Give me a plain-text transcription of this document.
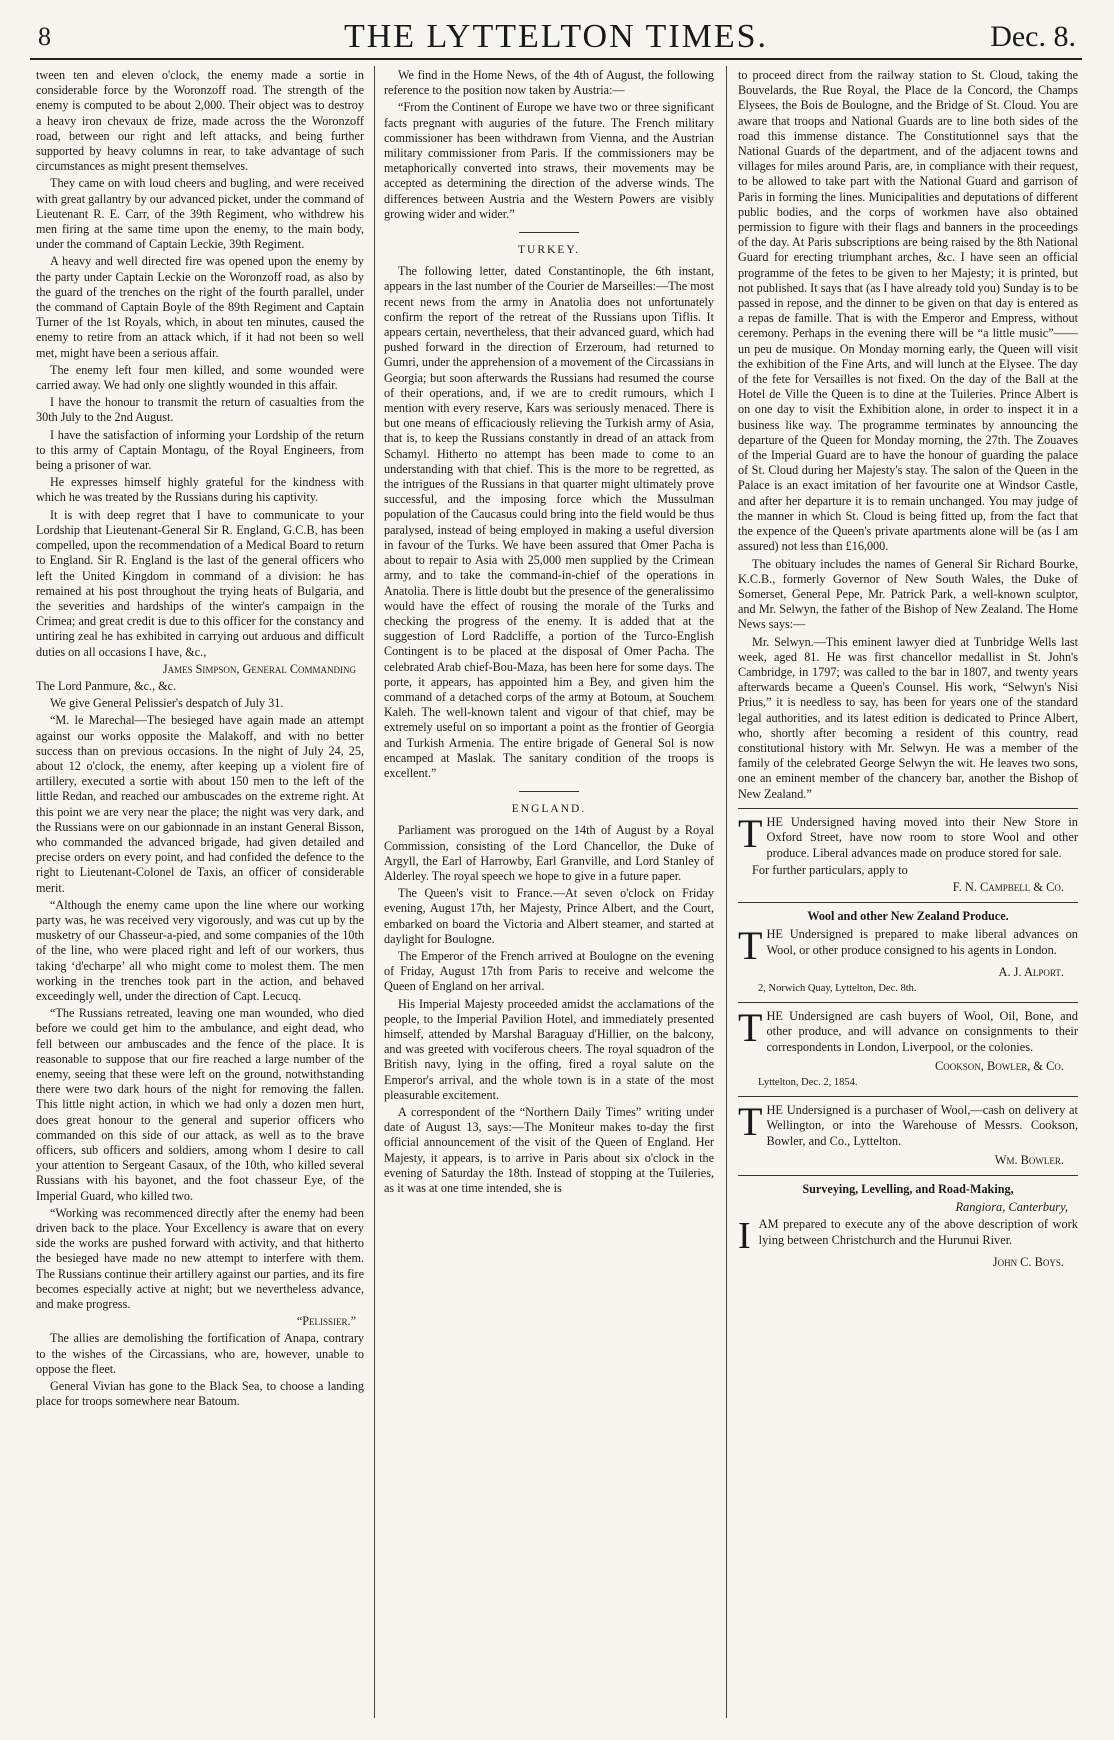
8	THE LYTTELTON TIMES.	Dec. 8.

tween ten and eleven o'clock, the enemy made a sortie in considerable force by the Woronzoff road. The strength of the enemy is computed to be about 2,000. Their object was to destroy a heavy iron chevaux de frize, made across the the Woronzoff road, between our right and left attacks, and being further supported by heavy columns in rear, to take advantage of such circumstances as might present themselves.

They came on with loud cheers and bugling, and were received with great gallantry by our advanced picket, under the command of Lieutenant R. E. Carr, of the 39th Regiment, who withdrew his men firing at the same time upon the enemy, to the main body, under the command of Captain Leckie, 39th Regiment.

A heavy and well directed fire was opened upon the enemy by the party under Captain Leckie on the Woronzoff road, as also by the guard of the trenches on the right of the fourth parallel, under the command of Captain Boyle of the 89th Regiment and Captain Turner of the 1st Royals, which, in about ten minutes, caused the enemy to retire from an attack which, if it had not been so well met, might have been a serious affair.

The enemy left four men killed, and some wounded were carried away. We had only one slightly wounded in this affair.

I have the honour to transmit the return of casualties from the 30th July to the 2nd August.

I have the satisfaction of informing your Lordship of the return to this army of Captain Montagu, of the Royal Engineers, from being a prisoner of war.

He expresses himself highly grateful for the kindness with which he was treated by the Russians during his captivity.

It is with deep regret that I have to communicate to your Lordship that Lieutenant-General Sir R. England, G.C.B, has been compelled, upon the recommendation of a Medical Board to return to England. Sir R. England is the last of the general officers who left the United Kingdom in command of a division: he has remained at his post throughout the trying heats of Bulgaria, and the severities and hardships of the winter's campaign in the Crimea; and great credit is due to this officer for the constancy and untiring zeal he has exhibited in carrying out arduous and difficult duties on all occasions I have, &c.,

James Simpson, General Commanding

The Lord Panmure, &c., &c.

We give General Pelissier's despatch of July 31.

“M. le Marechal—The besieged have again made an attempt against our works opposite the Malakoff, and with no better success than on previous occasions. In the night of July 24, 25, about 12 o'clock, the enemy, after keeping up a violent fire of artillery, executed a sortie with about 150 men to the left of the little Redan, and reached our ambuscades on the extreme right. At this point we are very near the place; the night was very dark, and the Russians were on our gabionnade in an instant General Bisson, who commanded the advanced brigade, had given detailed and precise orders on every point, and had confided the defence to the right to Lieutenant-Colonel de Taxis, an officer of considerable merit.

“Although the enemy came upon the line where our working party was, he was received very vigorously, and was cut up by the musketry of our Chasseur-a-pied, and some companies of the 10th of the line, who were placed right and left of our workers, thus taking ‘d'echarpe’ all who might come to molest them. The men working in the trenches took part in the action, and behaved exceedingly well, under the direction of Capt. Lecucq.

“The Russians retreated, leaving one man wounded, who died before we could get him to the ambulance, and eight dead, who fell between our ambuscades and the fence of the place. It is reasonable to suppose that our fire reached a large number of the enemy, seeing that these were left on the ground, notwithstanding there were two dark hours of the night for removing the fallen. This little night action, in which we had only a dozen men hurt, does great honour to the general and superior officers who commanded on this side of our attack, as well as to the brave officers, sub officers and soldiers, among whom I desire to call your attention to Sergeant Casaux, of the 10th, who killed several Russians with his bayonet, and the foot chasseur Eye, of the Imperial Guard, who killed two.

“Working was recommenced directly after the enemy had been driven back to the place. Your Excellency is aware that on every side the works are pushed forward with activity, and that hitherto the besieged have made no new attempt to interfere with them. The Russians continue their artillery against our parties, and its fire becomes especially active at night; but we nevertheless advance, and make progress.

“Pelissier.”

The allies are demolishing the fortification of Anapa, contrary to the wishes of the Circassians, who are, however, unable to oppose the fleet.

General Vivian has gone to the Black Sea, to choose a landing place for troops somewhere near Batoum.

We find in the Home News, of the 4th of August, the following reference to the position now taken by Austria:—

“From the Continent of Europe we have two or three significant facts pregnant with auguries of the future. The French military commissioner has been withdrawn from Vienna, and the Austrian military commissioner from Paris. If the commissioners may be metaphorically converted into straws, their movements may be accepted as determining the direction of the adverse winds. The differences between Austria and the Western Powers are visibly growing wider and wider.”

TURKEY.

The following letter, dated Constantinople, the 6th instant, appears in the last number of the Courier de Marseilles:—The most recent news from the army in Anatolia does not unfortunately confirm the report of the retreat of the Russians upon Tiflis. It appears certain, nevertheless, that their advanced guard, which had pushed forward in the direction of Erzeroum, had returned to Gumri, under the apprehension of a movement of the Circassians in Georgia; but soon afterwards the Russians had resumed the course of their operations, and, if we are to credit rumours, which I mention with every reserve, Kars was seriously menaced. There is but one means of efficaciously relieving the Turkish army of Asia, that is, to keep the Russians constantly in dread of an attack from Schamyl. Hitherto no attempt has been made to come to an understanding with that chief. This is the more to be regretted, as the intrigues of the Russians in that quarter might ultimately prove successful, and the imposing force which the Mussulman population of the Caucasus could bring into the field would be thus paralysed, instead of being employed in making a useful diversion in favour of the Turks. We have been assured that Omer Pacha is about to repair to Asia with 25,000 men supplied by the Crimean army, and to take the command-in-chief of the operations in Anatolia. There is little doubt but the presence of the generalissimo would have the effect of rousing the morale of the Turks and checking the progress of the enemy. It is added that at the suggestion of Lord Radcliffe, a portion of the Turco-English Contingent is to be placed at the disposal of Omer Pacha. The celebrated Arab chief-Bou-Maza, has been here for some days. The porte, it appears, has appointed him a Bey, and given him the command of a detached corps of the army at Botoum, at Souchem Kaleh. The well-known talent and vigour of that chief, may be extremely useful on so important a point as the frontier of Georgia and Turkish Armenia. The entire brigade of General Sol is now encamped at Maslak. The sanitary condition of the troops is excellent.”

ENGLAND.

Parliament was prorogued on the 14th of August by a Royal Commission, consisting of the Lord Chancellor, the Duke of Argyll, the Earl of Harrowby, Earl Granville, and Lord Stanley of Alderley. The royal speech we hope to give in a future paper.

The Queen's visit to France.—At seven o'clock on Friday evening, August 17th, her Majesty, Prince Albert, and the Court, embarked on board the Victoria and Albert steamer, and started at daylight for Boulogne.

The Emperor of the French arrived at Boulogne on the evening of Friday, August 17th from Paris to receive and welcome the Queen of England on her arrival.

His Imperial Majesty proceeded amidst the acclamations of the people, to the Imperial Pavilion Hotel, and immediately presented himself, attended by Marshal Baraguay d'Hillier, on the balcony, and was greeted with vociferous cheers. The royal squadron of the British navy, lying in the offing, fired a royal salute on the Emperor's arrival, and the whole town is in a state of the most pleasurable excitement.

A correspondent of the “Northern Daily Times” writing under date of August 13, says:—The Moniteur makes to-day the first official announcement of the visit of the Queen of England. Her Majesty, it appears, is to arrive in Paris about six o'clock in the evening of Saturday the 18th. Instead of stopping at the Tuileries, as it was at one time intended, she is

to proceed direct from the railway station to St. Cloud, taking the Bouvelards, the Rue Royal, the Place de la Concord, the Champs Elysees, the Bois de Boulogne, and the Bridge of St. Cloud. You are aware that troops and National Guards are to line both sides of the road this immense distance. The Constitutionnel says that the National Guards of the department, and of the adjacent towns and villages for miles around Paris, are, in compliance with their request, to be allowed to take part with the National Guard and garrison of Paris in forming the lines. Municipalities and deputations of different public bodies, and the corps of workmen have also obtained permission to figure with their flags and banners in the proceedings of the day. At Paris subscriptions are being raised by the 8th National Guard for erecting triumphant arches, &c. I have seen an official programme of the fetes to be given to her Majesty; it is printed, but not published. It says that (as I have already told you) Sunday is to be passed in repose, and the dinner to be given on that day is entered as a repas de famille. That is with the Emperor and Empress, without ceremony. Perhaps in the evening there will be “a little music”——un peu de musique. On Monday morning early, the Queen will visit the exhibition of the Fine Arts, and will lunch at the Elysee. The day of the fete for Versailles is not fixed. On the day of the Ball at the Hotel de Ville the Queen is to dine at the Tuileries. Prince Albert is on one day to visit the Exhibition alone, in order to inspect it in a business like way. The programme terminates by announcing the departure of the Queen for Monday morning, the 27th. The Zouaves of the Imperial Guard are to have the honour of guarding the palace of St. Cloud during her Majesty's stay. The salon of the Queen in the Palace is an exact imitation of her favourite one at Windsor Castle, and after her departure it is to remain unchanged. You may judge of the manner in which St. Cloud is being fitted up, from the fact that the expence of the Queen's private apartments alone will be (as I am assured) not less than £16,000.

The obituary includes the names of General Sir Richard Bourke, K.C.B., formerly Governor of New South Wales, the Duke of Somerset, General Pepe, Mr. Patrick Park, a well-known sculptor, and Mr. Selwyn, the father of the Bishop of New Zealand. The Home News says:—

Mr. Selwyn.—This eminent lawyer died at Tunbridge Wells last week, aged 81. He was first chancellor medallist in St. John's Cambridge, in 1797; was called to the bar in 1807, and twenty years afterwards became a Queen's Counsel. His work, “Selwyn's Nisi Prius,” it is needless to say, has been for years one of the standard legal authorities, and its latest edition is dedicated to Prince Albert, who, shortly after becoming a resident of this country, read constitutional history with Mr. Selwyn. He was a member of the family of the celebrated George Selwyn the wit. He leaves two sons, one an eminent member of the chancery bar, another the Bishop of New Zealand.”

T HE Undersigned having moved into their New Store in Oxford Street, have now room to store Wool and other produce. Liberal advances made on produce stored for sale.

For further particulars, apply to

F. N. Campbell & Co.

Wool and other New Zealand Produce.
T HE Undersigned is prepared to make liberal advances on Wool, or other produce consigned to his agents in London.

A. J. Alport.

2, Norwich Quay, Lyttelton, Dec. 8th.

T HE Undersigned are cash buyers of Wool, Oil, Bone, and other produce, and will advance on consignments to their correspondents in London, Liverpool, or the colonies.

Cookson, Bowler, & Co.

Lyttelton, Dec. 2, 1854.

T HE Undersigned is a purchaser of Wool,—cash on delivery at Wellington, or into the Warehouse of Messrs. Cookson, Bowler, and Co., Lyttelton.

Wm. Bowler.

Surveying, Levelling, and Road-Making,

Rangiora, Canterbury,

I AM prepared to execute any of the above description of work lying between Christchurch and the Hurunui River.

John C. Boys.
